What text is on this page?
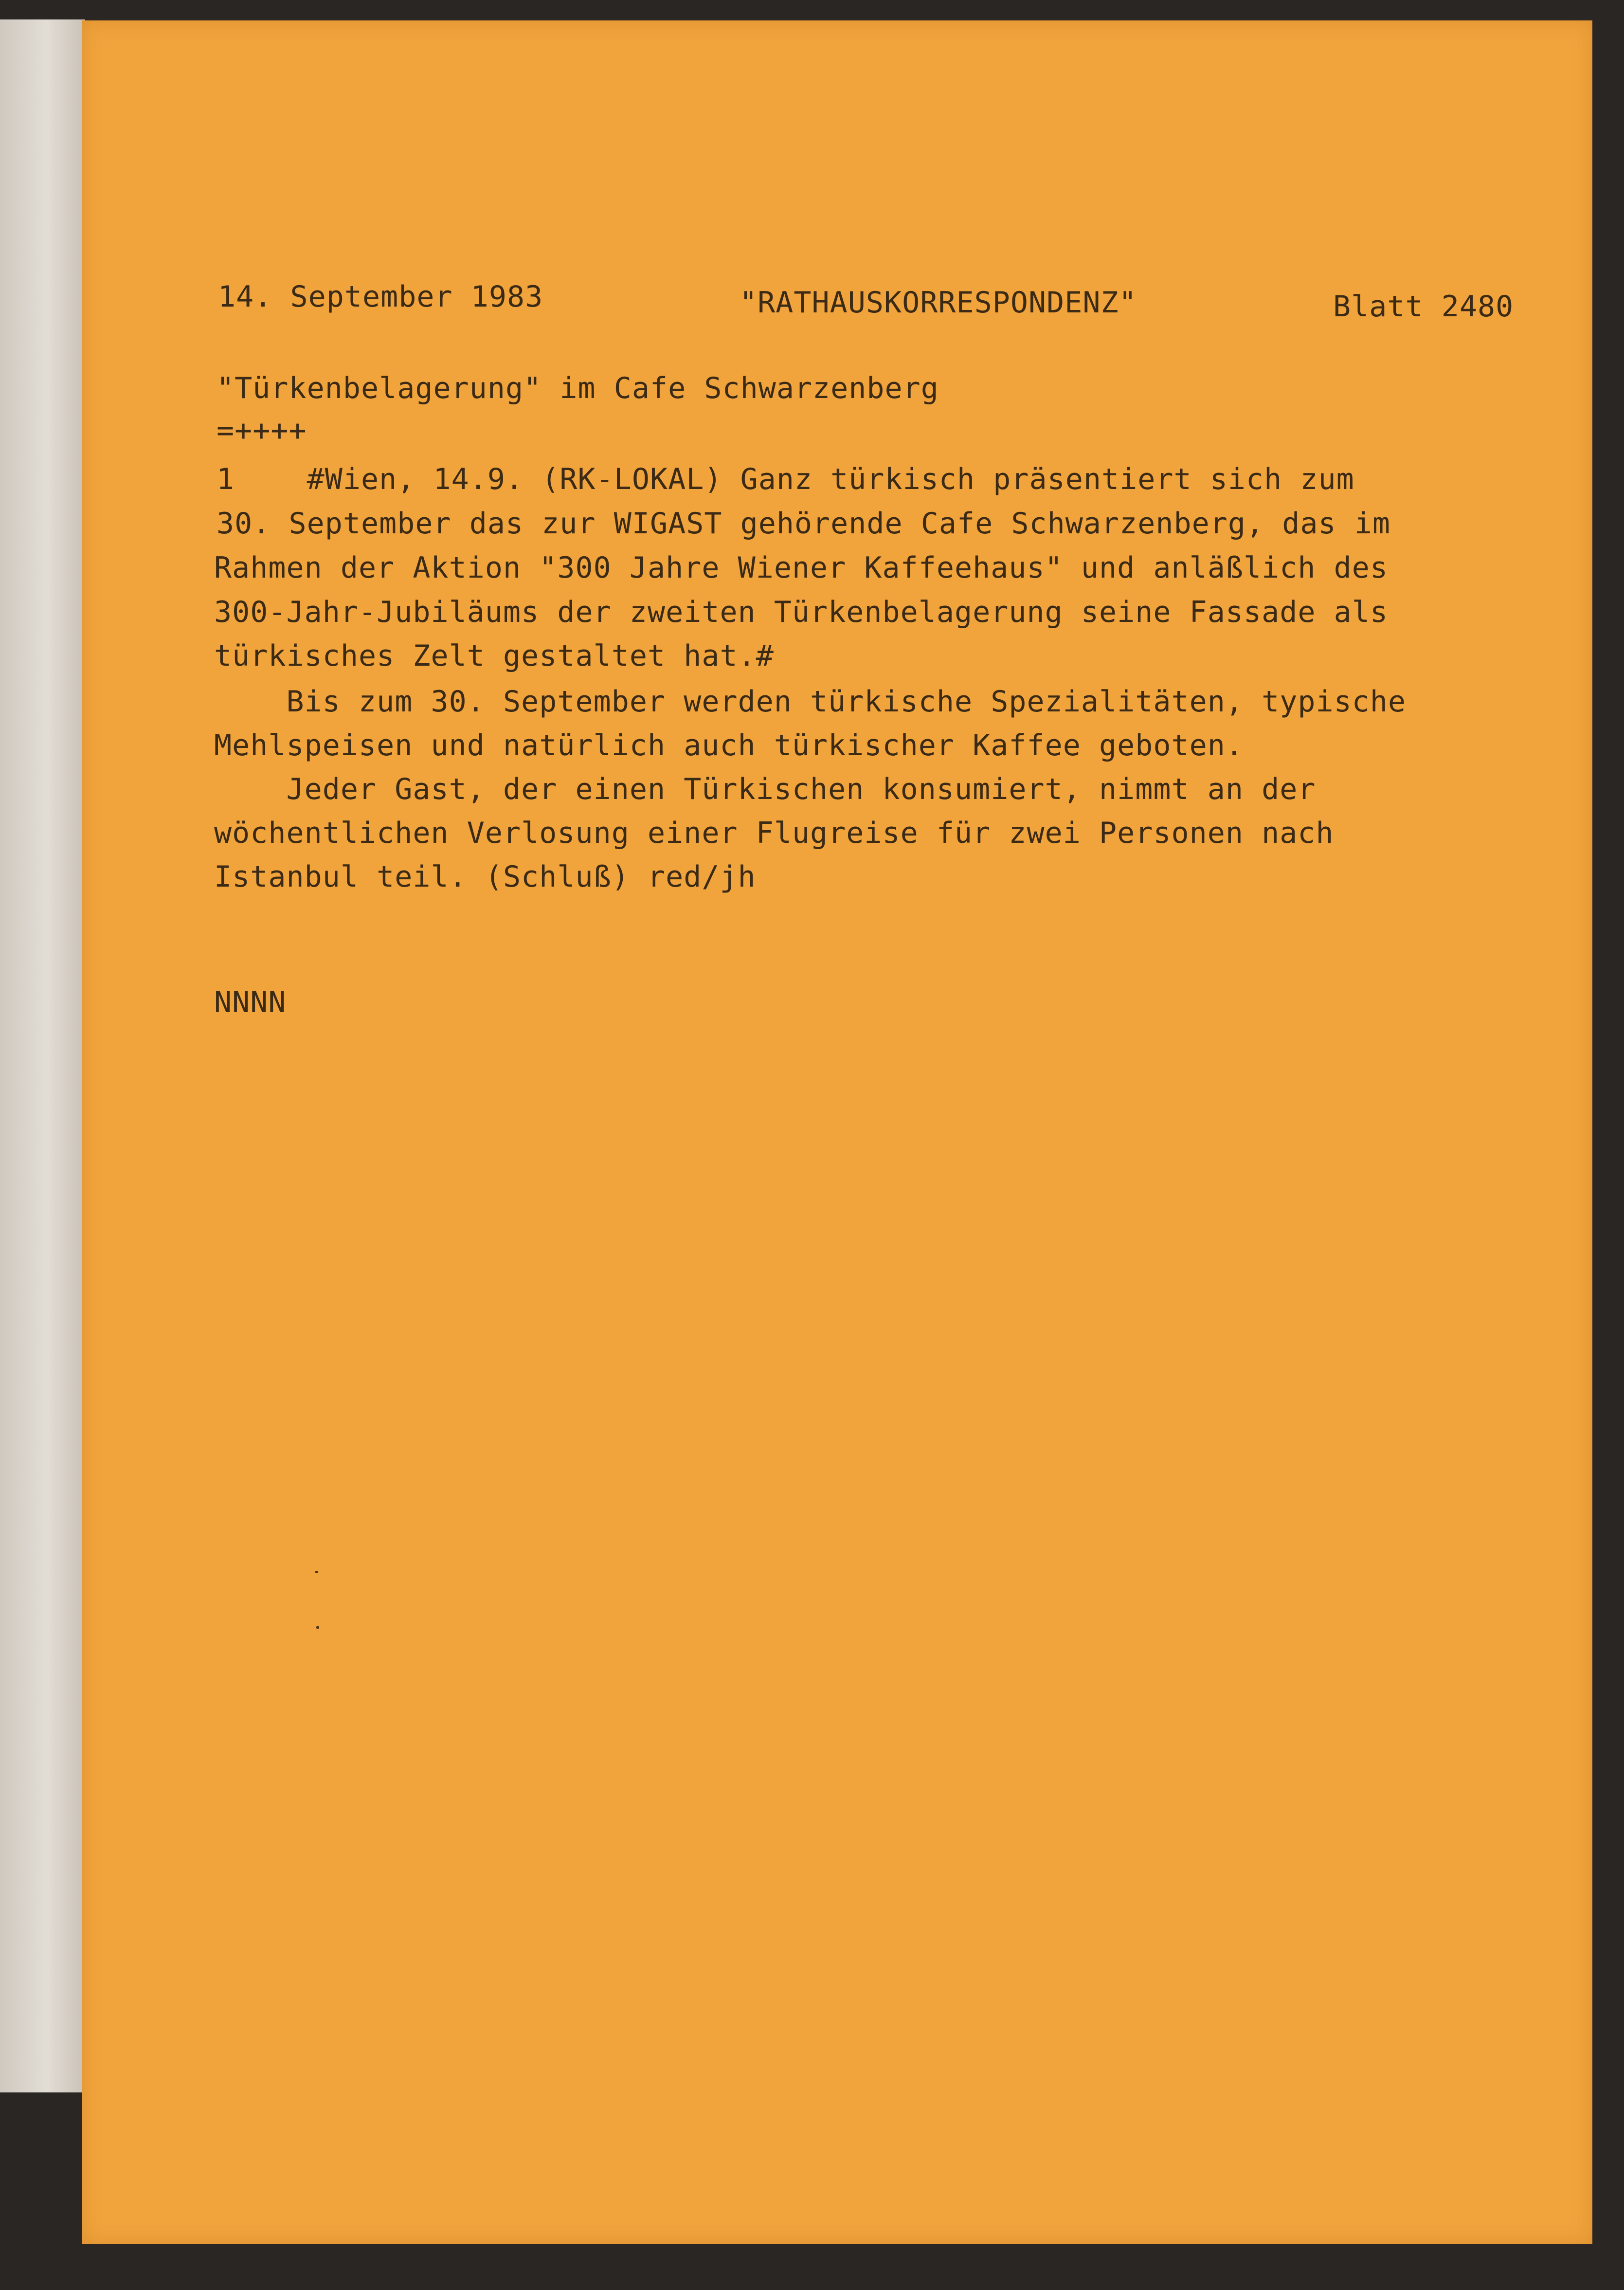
14. September 1983	"RATHAUSKORRESPONDENZ"	Blatt 2480
"Türkenbelagerung" im Cafe Schwarzenberg
=++++
1    #Wien, 14.9. (RK-LOKAL) Ganz türkisch präsentiert sich zum
30. September das zur WIGAST gehörende Cafe Schwarzenberg, das im
Rahmen der Aktion "300 Jahre Wiener Kaffeehaus" und anläßlich des
300-Jahr-Jubiläums der zweiten Türkenbelagerung seine Fassade als
türkisches Zelt gestaltet hat.#
Bis zum 30. September werden türkische Spezialitäten, typische
Mehlspeisen und natürlich auch türkischer Kaffee geboten.
Jeder Gast, der einen Türkischen konsumiert, nimmt an der
wöchentlichen Verlosung einer Flugreise für zwei Personen nach
Istanbul teil. (Schluß) red/jh
NNNN
